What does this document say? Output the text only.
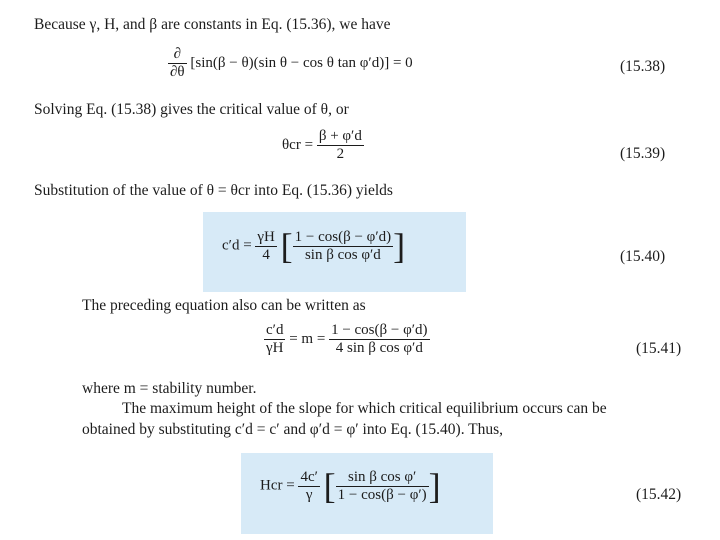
Because γ, H, and β are constants in Eq. (15.36), we have
$\frac{\partial}{\partial\theta} [\sin(\beta - \theta)(\sin$ θ − cos θ tan φ′d)] = 0	(15.38)
Solving Eq. (15.38) gives the critical value of θ, or
$\theta cr = \frac{\beta + \varphi'd}{2}$	(15.39)
Substitution of the value of θ = θcr into Eq. (15.36) yields
$c'd = \frac{\gamma H}{4}$ [ $\frac{1 - \cos(\beta - \varphi'd)}{\text{sin β cos φ′d}}$ ]	(15.40)
The preceding equation also can be written as
$\frac{c'd}{\gamma H} = m = \frac{1 - \cos(\beta - \varphi'd)}{\text{4 sin β cos φ′d}}$	(15.41)
where m = stability number.
The maximum height of the slope for which critical equilibrium occurs can be
obtained by substituting c′d = c′ and φ′d = φ′ into Eq. (15.40). Thus,
Hcr = $\frac{4c'}{\gamma}$ [ $\frac{\text{sin β cos φ′}}{1 - \cos(\beta - \varphi')}$ ]	(15.42)
